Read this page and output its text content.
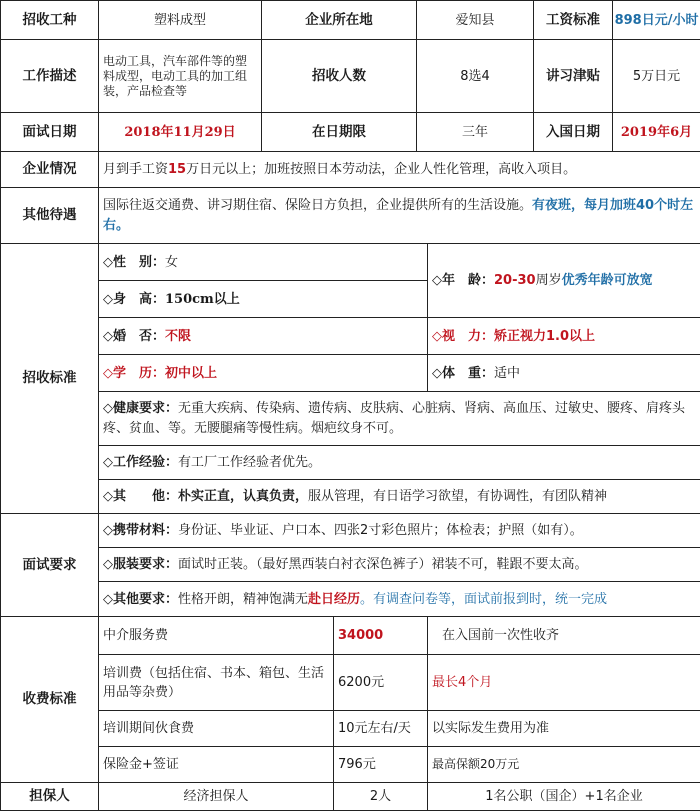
招收工种	塑料成型	企业所在地		爱知县		工资标准 898日元/小时

工作描述	电动工具，汽车部件等的塑料成型，电动工具的加工组装，产品检查等	招收人数		8选4		讲习津贴 5万日元

面试日期	2018年11月29日	在日期限		三年		入国日期 2019年6月

企业情况	月到手工资15万日元以上；加班按照日本劳动法，企业人性化管理，高收入项目。					
其他待遇	国际往返交通费、讲习期住宿、保险日方负担，企业提供所有的生活设施。有夜班，每月加班40个时左右。					
招收标准	◇性　别：女				◇年　龄：20-30周岁优秀年龄可放宽	
	◇身　高：150cm以上					
	◇婚　否：不限				◇视　力：矫正视力1.0以上	
	◇学　历：初中以上				◇体　重：适中	
	◇健康要求：无重大疾病、传染病、遗传病、皮肤病、心脏病、肾病、高血压、过敏史、腰疼、肩疼头疼、贫血、等。无腰腿痛等慢性病。烟疤纹身不可。					
	◇工作经验：有工厂工作经验者优先。					
	◇其　　他：朴实正直，认真负责，服从管理，有日语学习欲望，有协调性，有团队精神					
面试要求	◇携带材料：身份证、毕业证、户口本、四张2寸彩色照片；体检表；护照（如有）。					
	◇服装要求：面试时正装。（最好黑西装白衬衣深色裤子）裙装不可，鞋跟不要太高。					
	◇其他要求：性格开朗，精神饱满无赴日经历。有调查问卷等，面试前报到时，统一完成					
收费标准	中介服务费		34000		在入国前一次性收齐	
	培训费（包括住宿、书本、箱包、生活用品等杂费）		6200元		最长4个月	
	培训期间伙食费		10元左右/天		以实际发生费用为准	
	保险金+签证		796元		最高保额20万元	
担保人	经济担保人		2人		1名公职（国企）+1名企业	
